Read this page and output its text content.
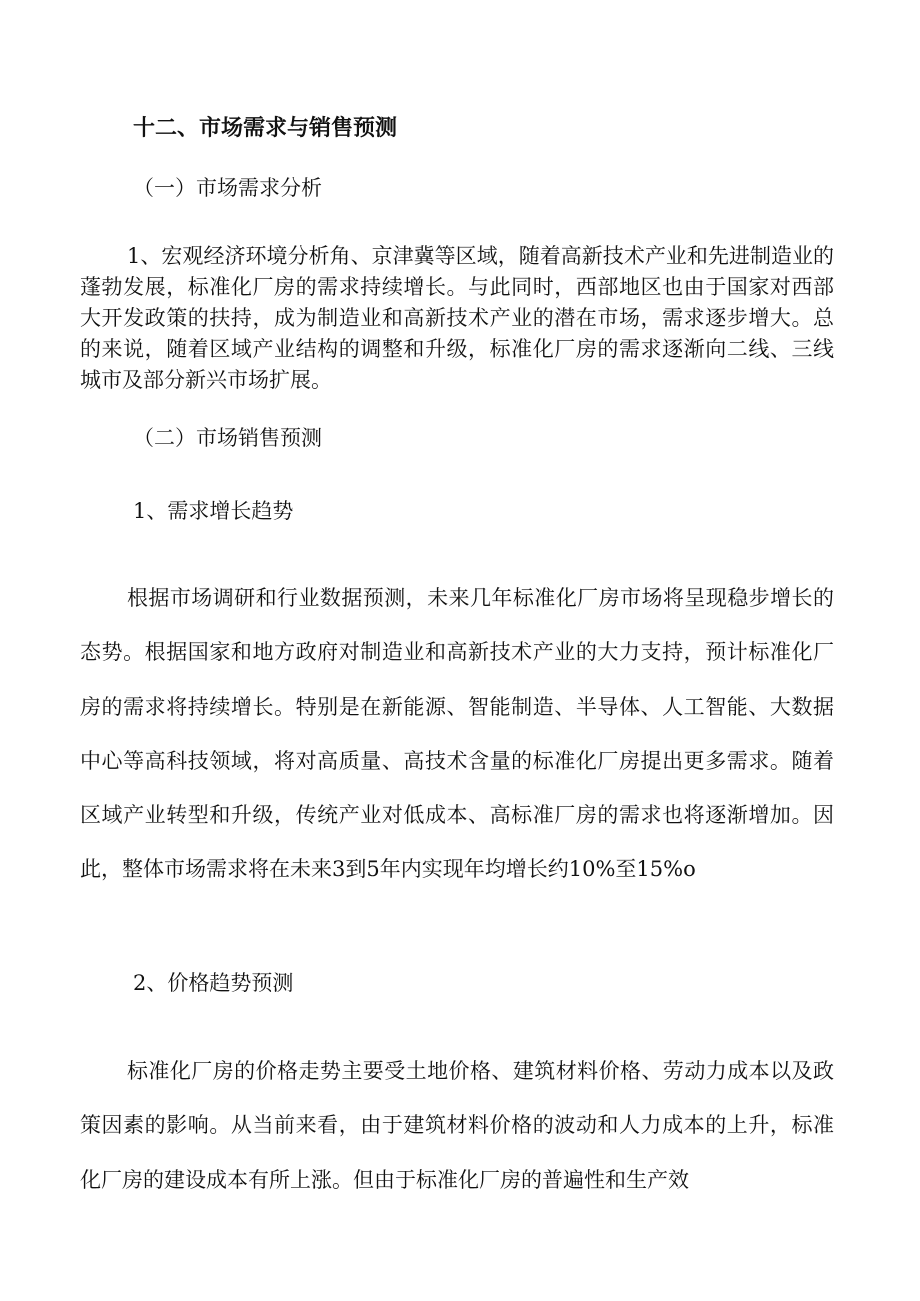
十二、市场需求与销售预测
（一）市场需求分析

1、宏观经济环境分析角、京津冀等区域，随着高新技术产业和先进制造业的蓬勃发展，标准化厂房的需求持续增长。与此同时，西部地区也由于国家对西部大开发政策的扶持，成为制造业和高新技术产业的潜在市场，需求逐步增大。总的来说，随着区域产业结构的调整和升级，标准化厂房的需求逐渐向二线、三线城市及部分新兴市场扩展。

（二）市场销售预测
1、需求增长趋势

根据市场调研和行业数据预测，未来几年标准化厂房市场将呈现稳步增长的态势。根据国家和地方政府对制造业和高新技术产业的大力支持，预计标准化厂房的需求将持续增长。特别是在新能源、智能制造、半导体、人工智能、大数据中心等高科技领域，将对高质量、高技术含量的标准化厂房提出更多需求。随着区域产业转型和升级，传统产业对低成本、高标准厂房的需求也将逐渐增加。因此，整体市场需求将在未来3到5年内实现年均增长约10%至15%o

2、价格趋势预测

标准化厂房的价格走势主要受土地价格、建筑材料价格、劳动力成本以及政策因素的影响。从当前来看，由于建筑材料价格的波动和人力成本的上升，标准化厂房的建设成本有所上涨。但由于标准化厂房的普遍性和生产效
